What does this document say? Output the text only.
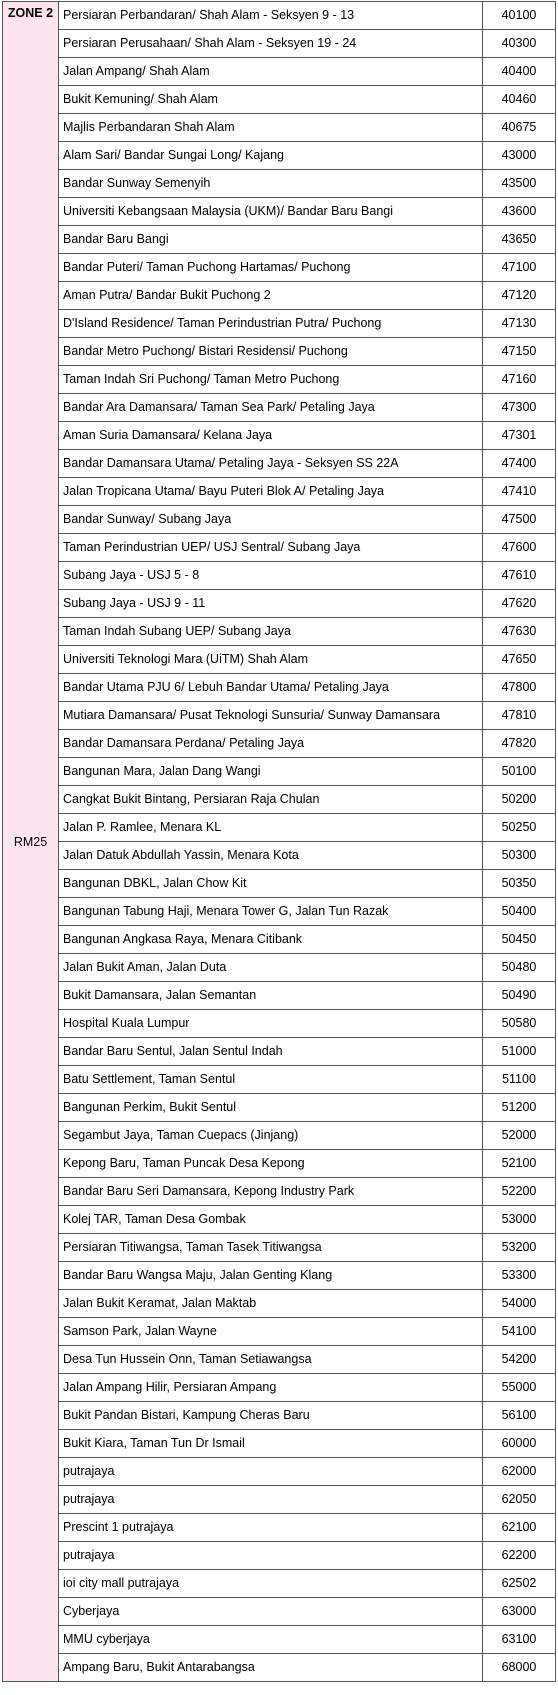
ZONE 2
RM25	Persiaran Perbandaran/ Shah Alam - Seksyen 9 - 13	40100
	Persiaran Perusahaan/ Shah Alam - Seksyen 19 - 24	40300
	Jalan Ampang/ Shah Alam	40400
	Bukit Kemuning/ Shah Alam	40460
	Majlis Perbandaran Shah Alam	40675
	Alam Sari/ Bandar Sungai Long/ Kajang	43000
	Bandar Sunway Semenyih	43500
	Universiti Kebangsaan Malaysia (UKM)/ Bandar Baru Bangi	43600
	Bandar Baru Bangi	43650
	Bandar Puteri/ Taman Puchong Hartamas/ Puchong	47100
	Aman Putra/ Bandar Bukit Puchong 2	47120
	D'Island Residence/ Taman Perindustrian Putra/ Puchong	47130
	Bandar Metro Puchong/ Bistari Residensi/ Puchong	47150
	Taman Indah Sri Puchong/ Taman Metro Puchong	47160
	Bandar Ara Damansara/ Taman Sea Park/ Petaling Jaya	47300
	Aman Suria Damansara/ Kelana Jaya	47301
	Bandar Damansara Utama/ Petaling Jaya - Seksyen SS 22A	47400
	Jalan Tropicana Utama/ Bayu Puteri Blok A/ Petaling Jaya	47410
	Bandar Sunway/ Subang Jaya	47500
	Taman Perindustrian UEP/ USJ Sentral/ Subang Jaya	47600
	Subang Jaya - USJ 5 - 8	47610
	Subang Jaya - USJ 9 - 11	47620
	Taman Indah Subang UEP/ Subang Jaya	47630
	Universiti Teknologi Mara (UiTM) Shah Alam	47650
	Bandar Utama PJU 6/ Lebuh Bandar Utama/ Petaling Jaya	47800
	Mutiara Damansara/ Pusat Teknologi Sunsuria/ Sunway Damansara	47810
	Bandar Damansara Perdana/ Petaling Jaya	47820
	Bangunan Mara, Jalan Dang Wangi	50100
	Cangkat Bukit Bintang, Persiaran Raja Chulan	50200
	Jalan P. Ramlee, Menara KL	50250
	Jalan Datuk Abdullah Yassin, Menara Kota	50300
	Bangunan DBKL, Jalan Chow Kit	50350
	Bangunan Tabung Haji, Menara Tower G, Jalan Tun Razak	50400
	Bangunan Angkasa Raya, Menara Citibank	50450
	Jalan Bukit Aman, Jalan Duta	50480
	Bukit Damansara, Jalan Semantan	50490
	Hospital Kuala Lumpur	50580
	Bandar Baru Sentul, Jalan Sentul Indah	51000
	Batu Settlement, Taman Sentul	51100
	Bangunan Perkim, Bukit Sentul	51200
	Segambut Jaya, Taman Cuepacs (Jinjang)	52000
	Kepong Baru, Taman Puncak Desa Kepong	52100
	Bandar Baru Seri Damansara, Kepong Industry Park	52200
	Kolej TAR, Taman Desa Gombak	53000
	Persiaran Titiwangsa, Taman Tasek Titiwangsa	53200
	Bandar Baru Wangsa Maju, Jalan Genting Klang	53300
	Jalan Bukit Keramat, Jalan Maktab	54000
	Samson Park, Jalan Wayne	54100
	Desa Tun Hussein Onn, Taman Setiawangsa	54200
	Jalan Ampang Hilir, Persiaran Ampang	55000
	Bukit Pandan Bistari, Kampung Cheras Baru	56100
	Bukit Kiara, Taman Tun Dr Ismail	60000
	putrajaya	62000
	putrajaya	62050
	Prescint 1 putrajaya	62100
	putrajaya	62200
	ioi city mall putrajaya	62502
	Cyberjaya	63000
	MMU cyberjaya	63100
	Ampang Baru, Bukit Antarabangsa	68000
